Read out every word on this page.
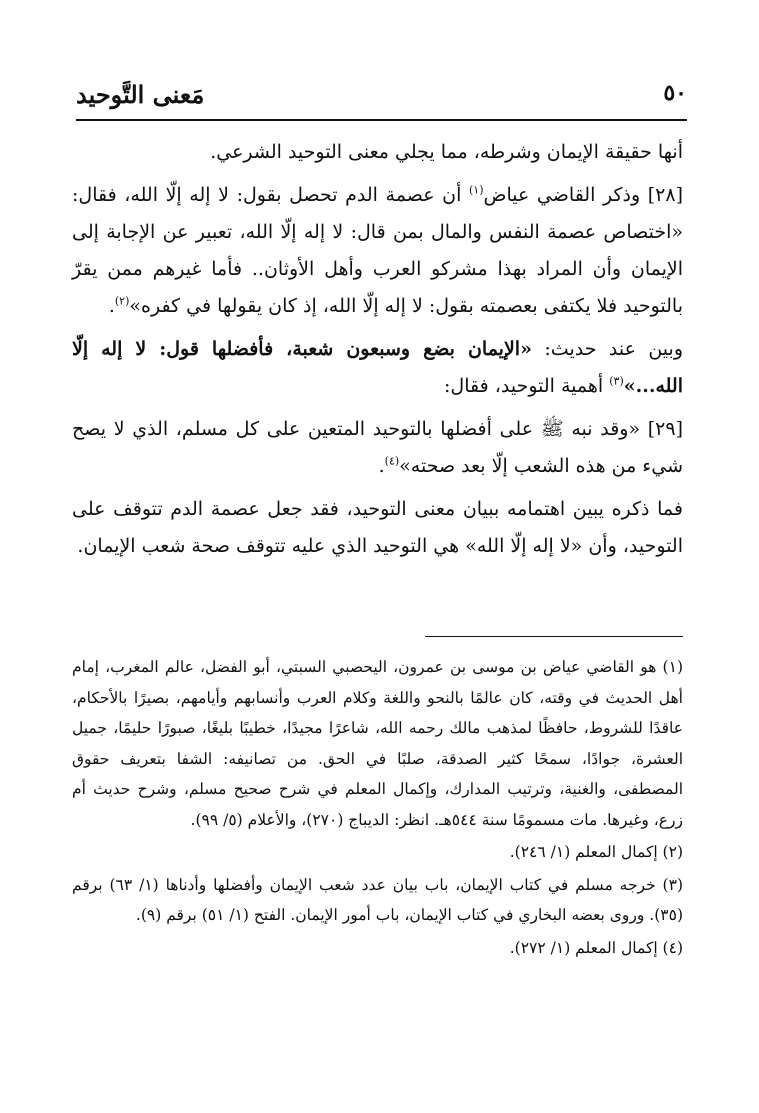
٥٠
مَعنى التَّوحيد

أنها حقيقة الإيمان وشرطه، مما يجلي معنى التوحيد الشرعي.

[٢٨] وذكر القاضي عياض$^{(١)}$ أن عصمة الدم تحصل بقول: لا إله إلّا الله، فقال: «اختصاص عصمة النفس والمال بمن قال: لا إله إلّا الله، تعبير عن الإجابة إلى الإيمان وأن المراد بهذا مشركو العرب وأهل الأوثان.. فأما غيرهم ممن يقرّ بالتوحيد فلا يكتفى بعصمته بقول: لا إله إلّا الله، إذ كان يقولها في كفره»$^{(٢)}$.

وبين عند حديث: «الإيمان بضع وسبعون شعبة، فأفضلها قول: لا إله إلّا الله...»$^{(٣)}$ أهمية التوحيد، فقال:

[٢٩] «وقد نبه ﷺ على أفضلها بالتوحيد المتعين على كل مسلم، الذي لا يصح شيء من هذه الشعب إلّا بعد صحته»$^{(٤)}$.

فما ذكره يبين اهتمامه ببيان معنى التوحيد، فقد جعل عصمة الدم تتوقف على التوحيد، وأن «لا إله إلّا الله» هي التوحيد الذي عليه تتوقف صحة شعب الإيمان.

(١) هو القاضي عياض بن موسى بن عمرون، اليحصبي السبتي، أبو الفضل، عالم المغرب، إمام أهل الحديث في وقته، كان عالمًا بالنحو واللغة وكلام العرب وأنسابهم وأيامهم، بصيرًا بالأحكام، عاقدًا للشروط، حافظًا لمذهب مالك رحمه الله، شاعرًا مجيدًا، خطيبًا بليغًا، صبورًا حليمًا، جميل العشرة، جوادًا، سمحًا كثير الصدقة، صلبًا في الحق. من تصانيفه: الشفا بتعريف حقوق المصطفى، والغنية، وترتيب المدارك، وإكمال المعلم في شرح صحيح مسلم، وشرح حديث أم زرع، وغيرها. مات مسمومًا سنة ٥٤٤هـ. انظر: الديباج (٢٧٠)، والأعلام (٥/ ٩٩).

(٢) إكمال المعلم (١/ ٢٤٦).

(٣) خرجه مسلم في كتاب الإيمان، باب بيان عدد شعب الإيمان وأفضلها وأدناها (١/ ٦٣) برقم (٣٥). وروى بعضه البخاري في كتاب الإيمان، باب أمور الإيمان. الفتح (١/ ٥١) برقم (٩).

(٤) إكمال المعلم (١/ ٢٧٢).
